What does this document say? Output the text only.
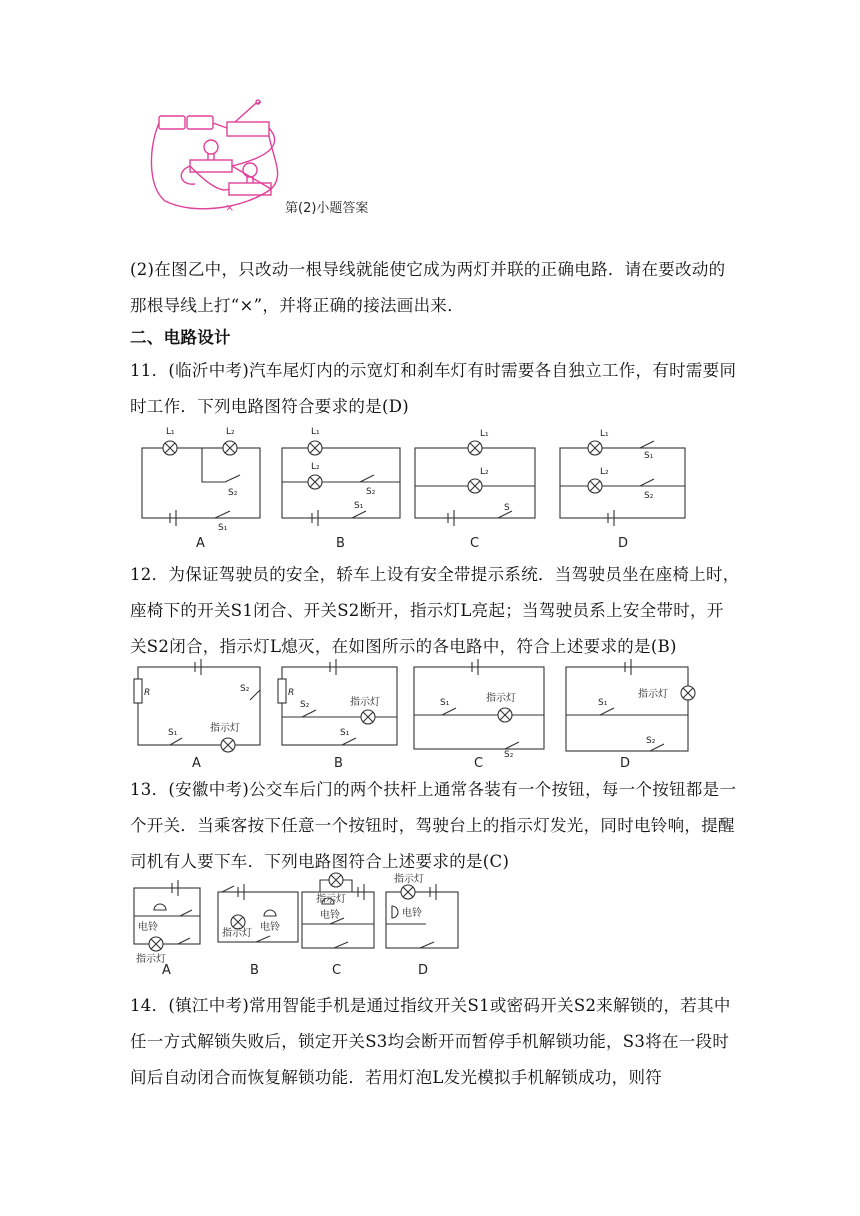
×	第(2)小题答案
(2)在图乙中，只改动一根导线就能使它成为两灯并联的正确电路．请在要改动的那根导线上打“×”，并将正确的接法画出来．
二、电路设计
11．(临沂中考)汽车尾灯内的示宽灯和刹车灯有时需要各自独立工作，有时需要同时工作．下列电路图符合要求的是(D)
L₁	L₂
S₂
S₁
L₁
L₂
S₂
S₁
L₁
L₂
S
L₁
L₂
S₁
S₂
A	B	C	D
12．为保证驾驶员的安全，轿车上设有安全带提示系统．当驾驶员坐在座椅上时，座椅下的开关S1闭合、开关S2断开，指示灯L亮起；当驾驶员系上安全带时，开关S2闭合，指示灯L熄灭，在如图所示的各电路中，符合上述要求的是(B)
R	S₂
S₁	指示灯
R
S₂	指示灯
S₁
S₁	指示灯
S₂
指示灯
S₁
S₂
A	B	C	D
13．(安徽中考)公交车后门的两个扶杆上通常各装有一个按钮，每一个按钮都是一个开关．当乘客按下任意一个按钮时，驾驶台上的指示灯发光，同时电铃响，提醒司机有人要下车．下列电路图符合上述要求的是(C)
电铃
指示灯
指示灯
电铃
指示灯
电铃
指示灯
电铃
A	B	C	D
14．(镇江中考)常用智能手机是通过指纹开关S1或密码开关S2来解锁的，若其中任一方式解锁失败后，锁定开关S3均会断开而暂停手机解锁功能，S3将在一段时间后自动闭合而恢复解锁功能．若用灯泡L发光模拟手机解锁成功，则符
